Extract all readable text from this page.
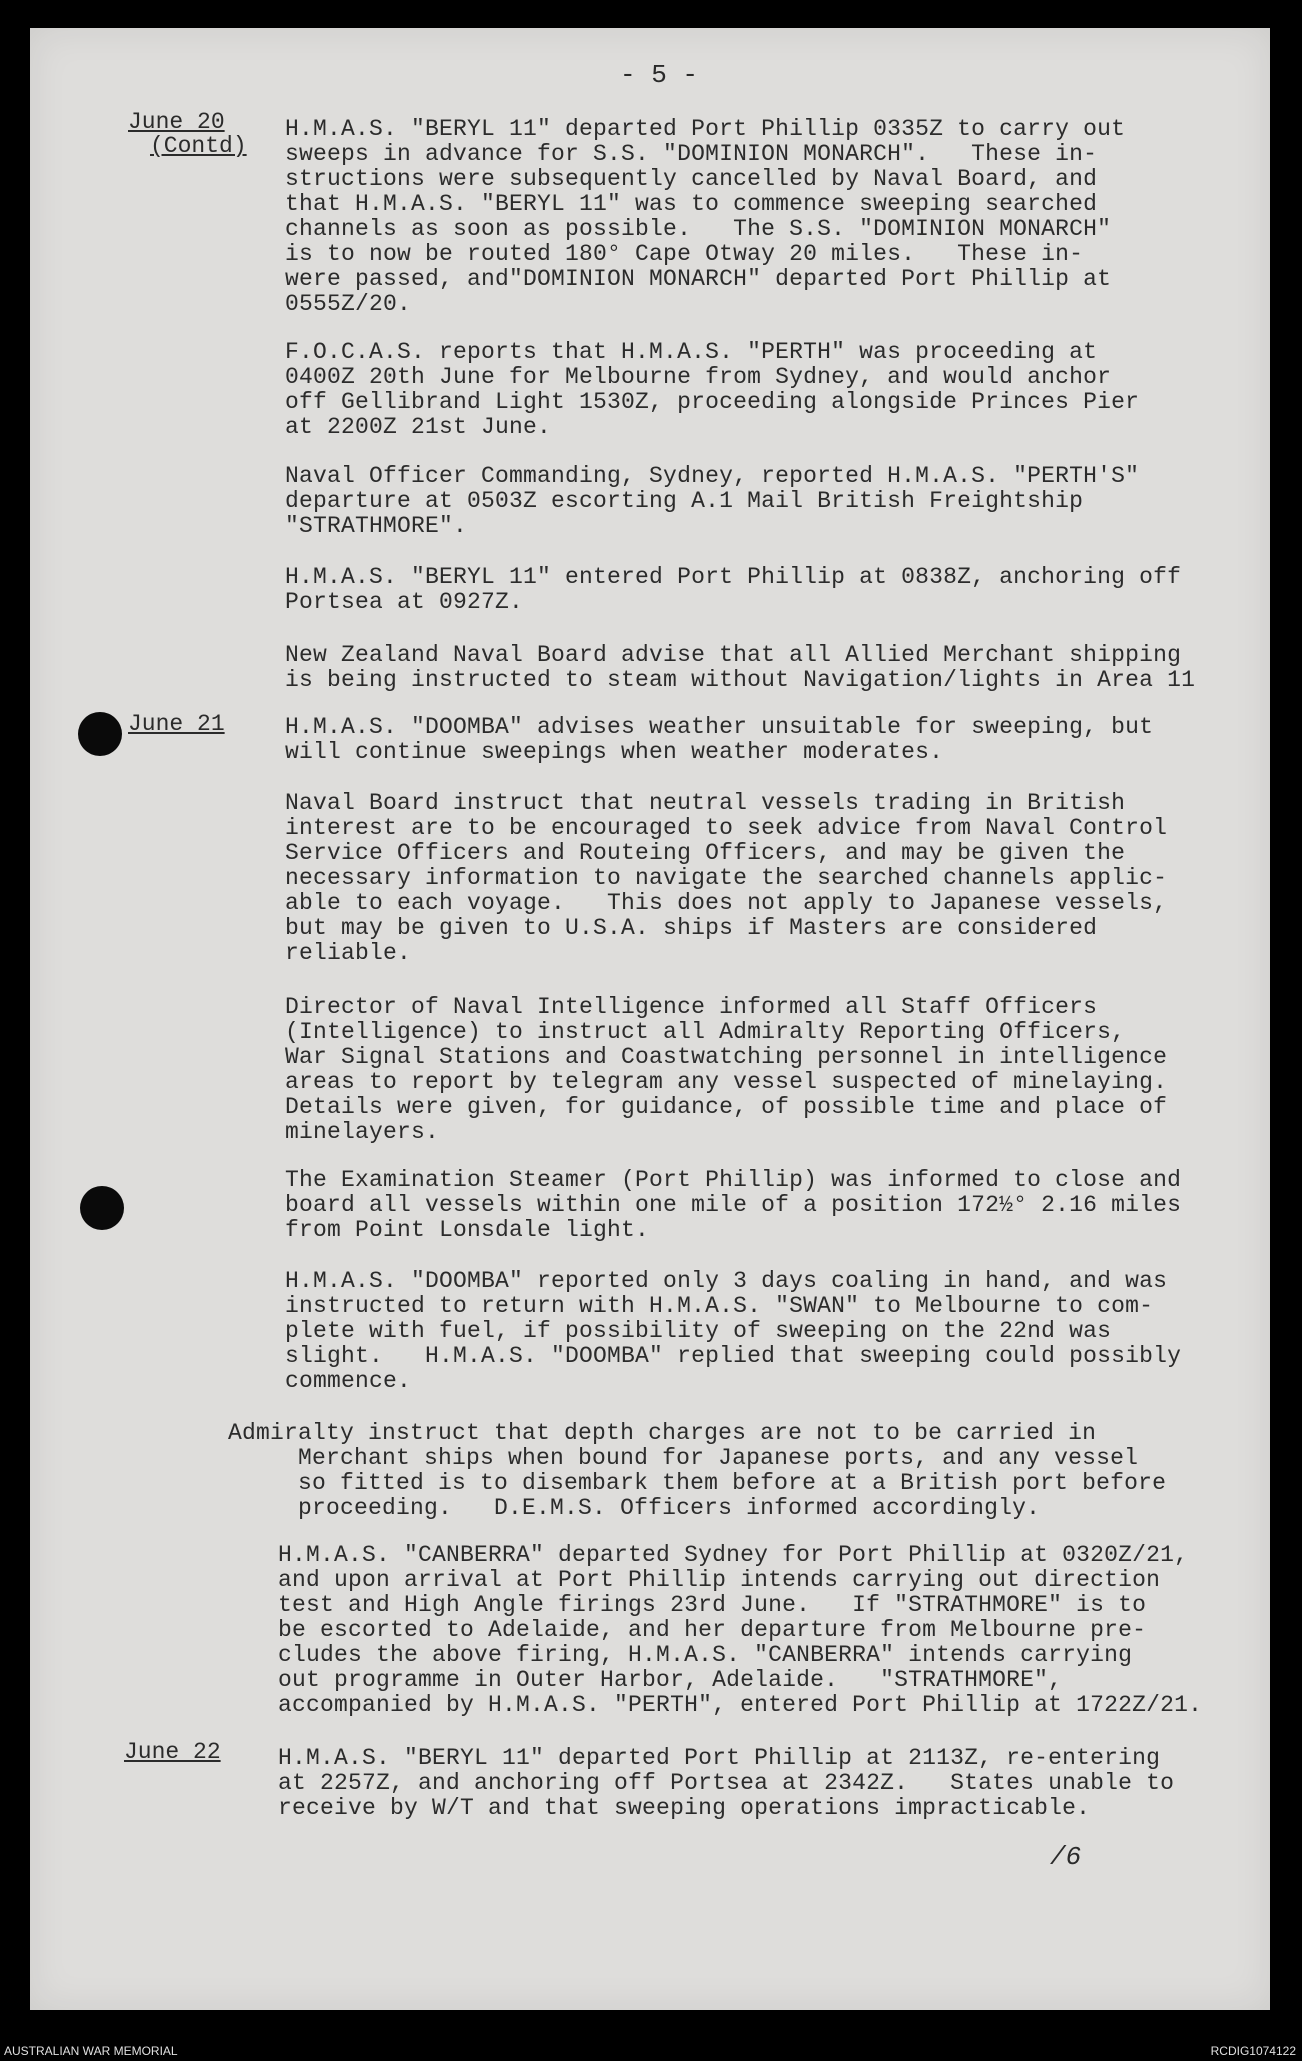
- 5 -
June 20
(Contd)
June 21
June 22
H.M.A.S. "BERYL 11" departed Port Phillip 0335Z to carry out
sweeps in advance for S.S. "DOMINION MONARCH".   These in-
structions were subsequently cancelled by Naval Board, and
that H.M.A.S. "BERYL 11" was to commence sweeping searched
channels as soon as possible.   The S.S. "DOMINION MONARCH"
is to now be routed 180° Cape Otway 20 miles.   These in-
were passed, and"DOMINION MONARCH" departed Port Phillip at
0555Z/20.
F.O.C.A.S. reports that H.M.A.S. "PERTH" was proceeding at
0400Z 20th June for Melbourne from Sydney, and would anchor
off Gellibrand Light 1530Z, proceeding alongside Princes Pier
at 2200Z 21st June.
Naval Officer Commanding, Sydney, reported H.M.A.S. "PERTH'S"
departure at 0503Z escorting A.1 Mail British Freightship
"STRATHMORE".
H.M.A.S. "BERYL 11" entered Port Phillip at 0838Z, anchoring off
Portsea at 0927Z.
New Zealand Naval Board advise that all Allied Merchant shipping
is being instructed to steam without Navigation/lights in Area 11
H.M.A.S. "DOOMBA" advises weather unsuitable for sweeping, but
will continue sweepings when weather moderates.
Naval Board instruct that neutral vessels trading in British
interest are to be encouraged to seek advice from Naval Control
Service Officers and Routeing Officers, and may be given the
necessary information to navigate the searched channels applic-
able to each voyage.   This does not apply to Japanese vessels,
but may be given to U.S.A. ships if Masters are considered
reliable.
Director of Naval Intelligence informed all Staff Officers
(Intelligence) to instruct all Admiralty Reporting Officers,
War Signal Stations and Coastwatching personnel in intelligence
areas to report by telegram any vessel suspected of minelaying.
Details were given, for guidance, of possible time and place of
minelayers.
The Examination Steamer (Port Phillip) was informed to close and
board all vessels within one mile of a position 172½° 2.16 miles
from Point Lonsdale light.
H.M.A.S. "DOOMBA" reported only 3 days coaling in hand, and was
instructed to return with H.M.A.S. "SWAN" to Melbourne to com-
plete with fuel, if possibility of sweeping on the 22nd was
slight.   H.M.A.S. "DOOMBA" replied that sweeping could possibly
commence.
Admiralty instruct that depth charges are not to be carried in
Merchant ships when bound for Japanese ports, and any vessel
so fitted is to disembark them before at a British port before
proceeding.   D.E.M.S. Officers informed accordingly.
H.M.A.S. "CANBERRA" departed Sydney for Port Phillip at 0320Z/21,
and upon arrival at Port Phillip intends carrying out direction
test and High Angle firings 23rd June.   If "STRATHMORE" is to
be escorted to Adelaide, and her departure from Melbourne pre-
cludes the above firing, H.M.A.S. "CANBERRA" intends carrying
out programme in Outer Harbor, Adelaide.   "STRATHMORE",
accompanied by H.M.A.S. "PERTH", entered Port Phillip at 1722Z/21.
H.M.A.S. "BERYL 11" departed Port Phillip at 2113Z, re-entering
at 2257Z, and anchoring off Portsea at 2342Z.   States unable to
receive by W/T and that sweeping operations impracticable.
/6
AUSTRALIAN WAR MEMORIAL	RCDIG1074122
